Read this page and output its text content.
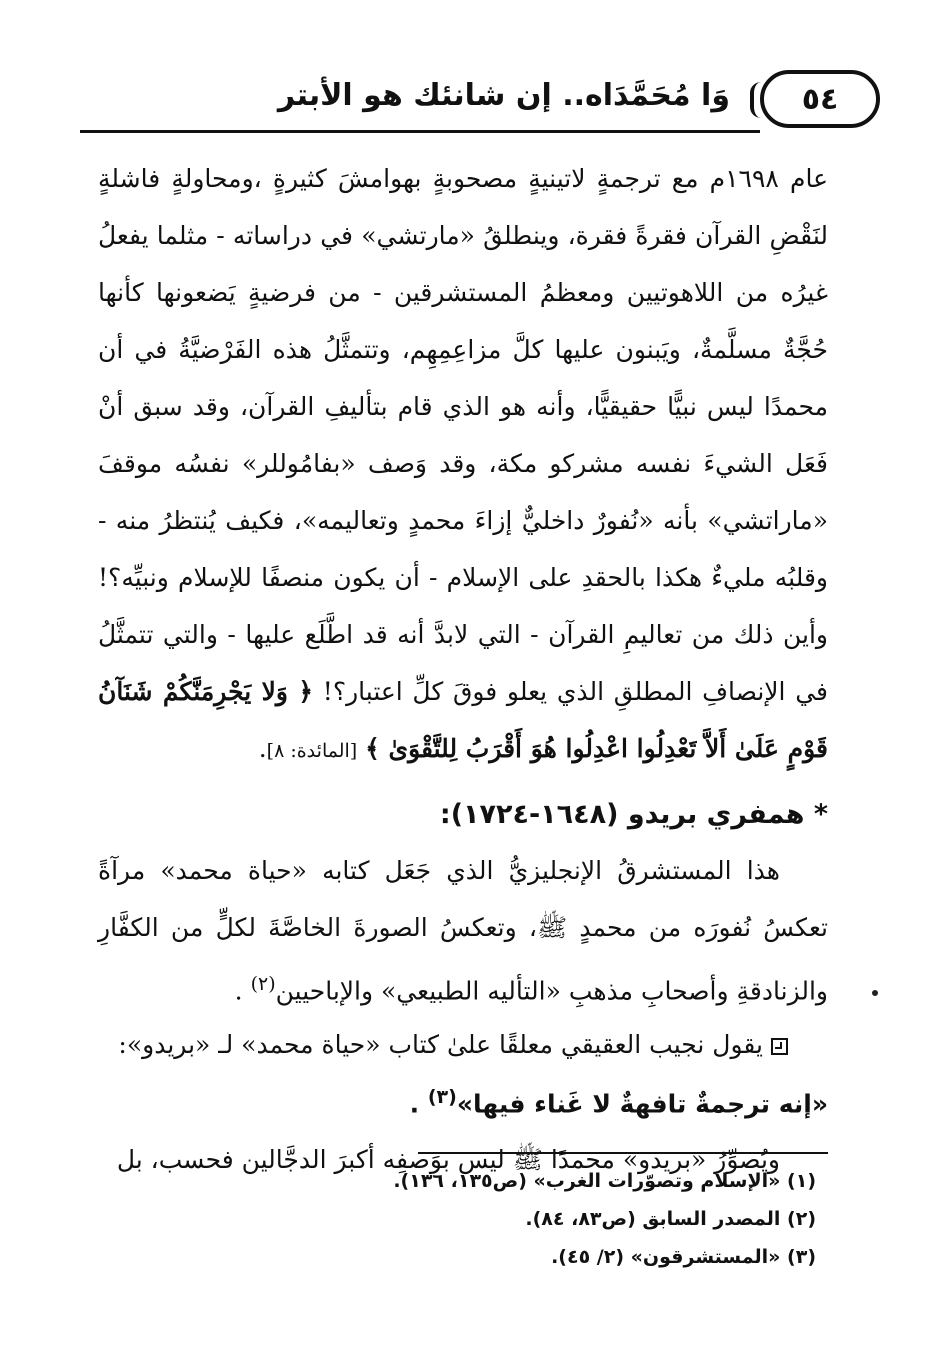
٥٤
وَا مُحَمَّدَاه.. إن شانئك هو الأبتر

عام ١٦٩٨م مع ترجمةٍ لاتينيةٍ مصحوبةٍ بهوامشَ كثيرةٍ ،ومحاولةٍ فاشلةٍ لنَقْضِ القرآن فقرةً فقرة، وينطلقُ «مارتشي» في دراساته - مثلما يفعلُ غيرُه من اللاهوتيين ومعظمُ المستشرقين - من فرضيةٍ يَضعونها كأنها حُجَّةٌ مسلَّمةٌ، ويَبنون عليها كلَّ مزاعِمِهِم، وتتمثَّلُ هذه الفَرْضيَّةُ في أن محمدًا ليس نبيًّا حقيقيًّا، وأنه هو الذي قام بتأليفِ القرآن، وقد سبق أنْ فَعَل الشيءَ نفسه مشركو مكة، وقد وَصف «بفامُوللر» نفسُه موقفَ «ماراتشي» بأنه «نُفورٌ داخليٌّ إزاءَ محمدٍ وتعاليمه»، فكيف يُنتظرُ منه - وقلبُه مليءٌ هكذا بالحقدِ على الإسلام - أن يكون منصفًا للإسلام ونبيِّه؟! وأين ذلك من تعاليمِ القرآن - التي لابدَّ أنه قد اطَّلَع عليها - والتي تتمثَّلُ في الإنصافِ المطلقِ الذي يعلو فوقَ كلِّ اعتبار؟! ﴿ وَلا يَجْرِمَنَّكُمْ شَنَآنُ قَوْمٍ عَلَىٰ أَلاَّ تَعْدِلُوا اعْدِلُوا هُوَ أَقْرَبُ لِلتَّقْوَىٰ ﴾ [المائدة: ٨].

* همفري بريدو (١٦٤٨-١٧٢٤):

هذا المستشرقُ الإنجليزيُّ الذي جَعَل كتابه «حياة محمد» مرآةً تعكسُ نُفورَه من محمدٍ ﷺ، وتعكسُ الصورةَ الخاصَّةَ لكلٍّ من الكفَّارِ والزنادقةِ وأصحابِ مذهبِ «التأليه الطبيعي» والإباحيين$^{(٢)}$ .

يقول نجيب العقيقي معلقًا علىٰ كتاب «حياة محمد» لـ «بريدو»:

«إنه ترجمةٌ تافهةٌ لا غَناء فيها»$^{(٣)}$ .

ويُصوِّرُ «بريدو» محمدًا ﷺ ليس بوَصفِه أكبرَ الدجَّالين فحسب، بل

(١) «الإسلام وتصوّرات الغرب» (ص١٣٥، ١٣٦).
(٢) المصدر السابق (ص٨٣، ٨٤).
(٣) «المستشرقون» (٢/ ٤٥).
